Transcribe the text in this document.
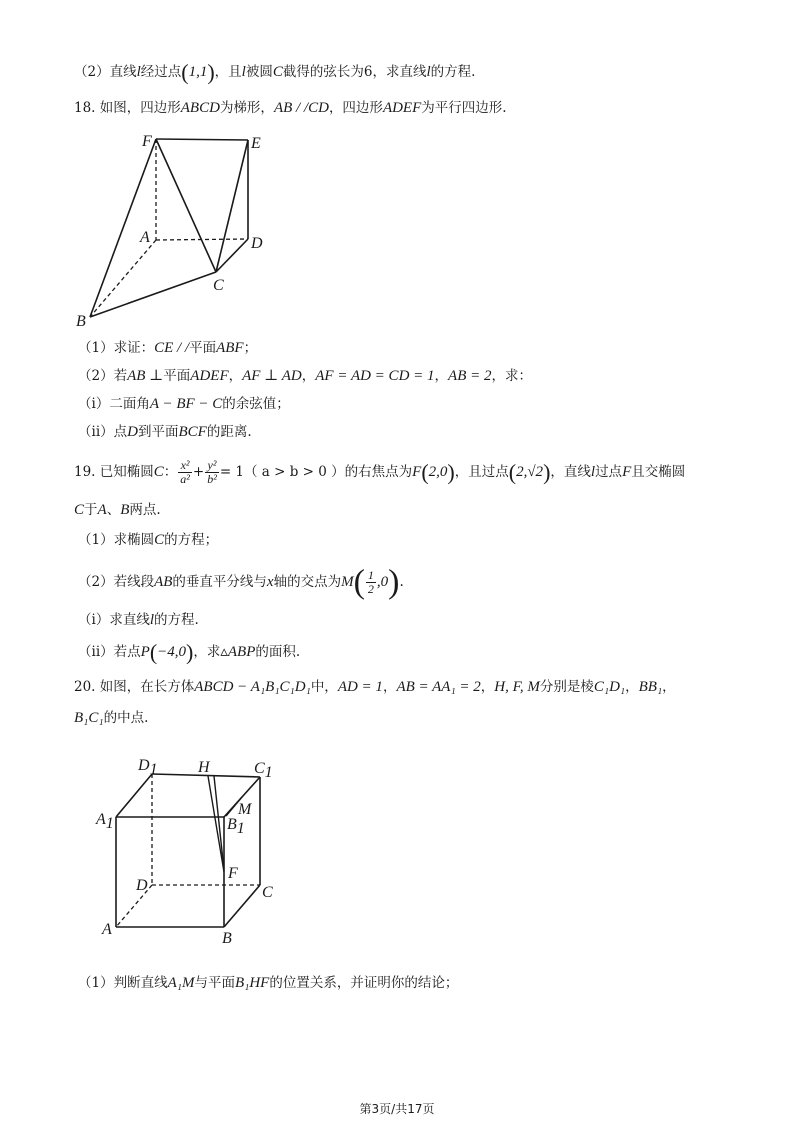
（2）直线l经过点(1,1)，且l被圆C截得的弦长为6，求直线l的方程.
18. 如图，四边形ABCD为梯形，AB / /CD，四边形ADEF为平行四边形.
F	E
A	D
C
B
（1）求证：CE / /平面ABF；
（2）若AB ⊥平面ADEF，AF ⊥ AD，AF = AD = CD = 1，AB = 2，求：
（i）二面角A − BF − C的余弦值；
（ii）点D到平面BCF的距离.
19. 已知椭圆C： $\frac{\text{x²}}{\text{a²}} + \frac{\text{y²}}{\text{b²}} = 1$（ a > b > 0 ）的右焦点为F(2,0)，且过点(2,√2)，直线l过点F且交椭圆
C于A、B两点.
（1）求椭圆C的方程；
（2）若线段AB的垂直平分线与x轴的交点为$M( \frac{1}{2} ,0)$.
（i）求直线l的方程.
（ii）若点P(−4,0)，求▵ABP的面积.
20. 如图，在长方体ABCD − A₁B₁C₁D₁中，AD = 1，AB = AA₁ = 2，H, F, M分别是棱C₁D₁，BB₁，
B₁C₁的中点.
D1	H	C1
M
A1	B1
F
D	C
A
B
（1）判断直线A₁M与平面B₁HF的位置关系，并证明你的结论；
第3页/共17页
